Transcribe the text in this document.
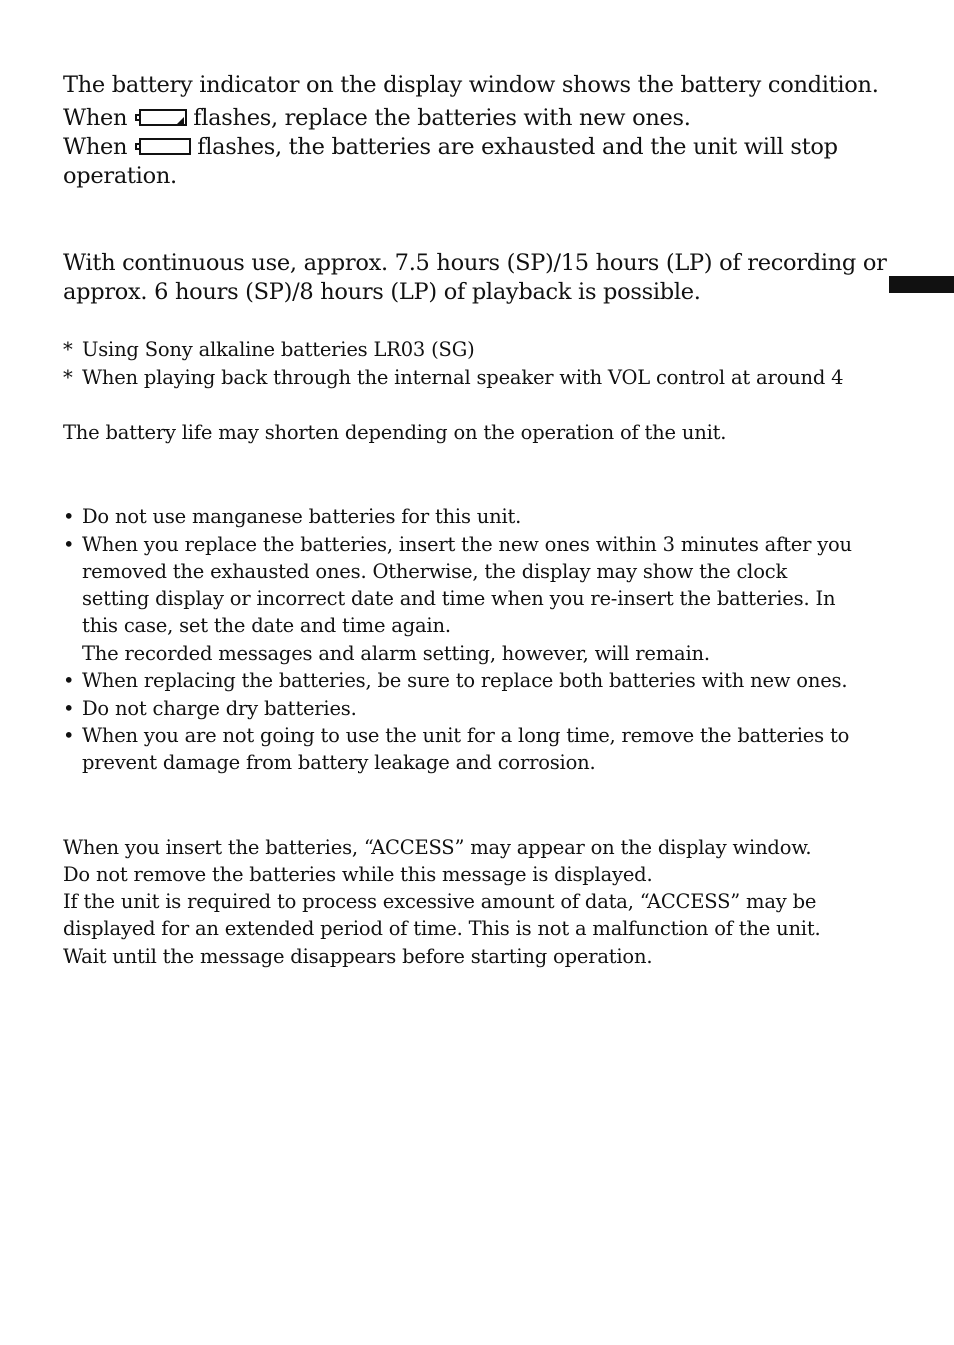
The battery indicator on the display window shows the battery condition.

When	flashes, replace the batteries with new ones.

When	flashes, the batteries are exhausted and the unit will stop

operation.

With continuous use, approx. 7.5 hours (SP)/15 hours (LP) of recording or

approx. 6 hours (SP)/8 hours (LP) of playback is possible.

* Using Sony alkaline batteries LR03 (SG)
* When playing back through the internal speaker with VOL control at around 4

The battery life may shorten depending on the operation of the unit.

• Do not use manganese batteries for this unit.
• When you replace the batteries, insert the new ones within 3 minutes after you
removed the exhausted ones. Otherwise, the display may show the clock
setting display or incorrect date and time when you re-insert the batteries. In
this case, set the date and time again.
The recorded messages and alarm setting, however, will remain.
• When replacing the batteries, be sure to replace both batteries with new ones.
• Do not charge dry batteries.
• When you are not going to use the unit for a long time, remove the batteries to
prevent damage from battery leakage and corrosion.

When you insert the batteries, “ACCESS” may appear on the display window.

Do not remove the batteries while this message is displayed.

If the unit is required to process excessive amount of data, “ACCESS” may be

displayed for an extended period of time. This is not a malfunction of the unit.

Wait until the message disappears before starting operation.
